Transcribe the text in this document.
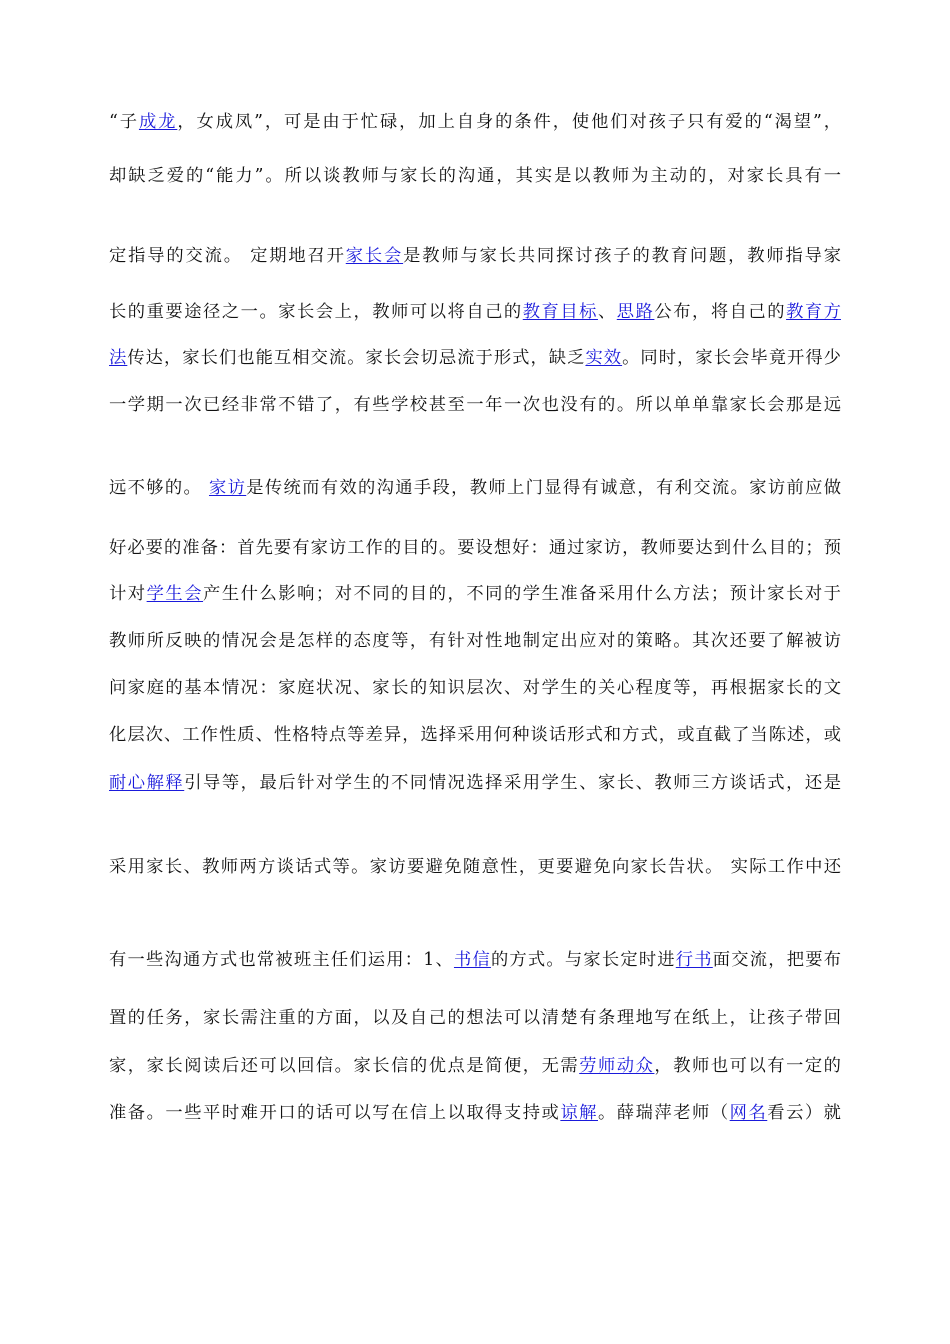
“子成龙，女成凤”，可是由于忙碌，加上自身的条件，使他们对孩子只有爱的“渴望”，
却缺乏爱的“能力”。所以谈教师与家长的沟通，其实是以教师为主动的，对家长具有一
定指导的交流。 定期地召开家长会是教师与家长共同探讨孩子的教育问题，教师指导家
长的重要途径之一。家长会上，教师可以将自己的教育目标、思路公布，将自己的教育方
法传达，家长们也能互相交流。家长会切忌流于形式，缺乏实效。同时，家长会毕竟开得少
一学期一次已经非常不错了，有些学校甚至一年一次也没有的。所以单单靠家长会那是远
远不够的。 家访是传统而有效的沟通手段，教师上门显得有诚意，有利交流。家访前应做
好必要的准备：首先要有家访工作的目的。要设想好：通过家访，教师要达到什么目的；预
计对学生会产生什么影响；对不同的目的，不同的学生准备采用什么方法；预计家长对于
教师所反映的情况会是怎样的态度等，有针对性地制定出应对的策略。其次还要了解被访
问家庭的基本情况：家庭状况、家长的知识层次、对学生的关心程度等，再根据家长的文
化层次、工作性质、性格特点等差异，选择采用何种谈话形式和方式，或直截了当陈述，或
耐心解释引导等，最后针对学生的不同情况选择采用学生、家长、教师三方谈话式，还是
采用家长、教师两方谈话式等。家访要避免随意性，更要避免向家长告状。 实际工作中还
有一些沟通方式也常被班主任们运用：1、书信的方式。与家长定时进行书面交流，把要布
置的任务，家长需注重的方面，以及自己的想法可以清楚有条理地写在纸上，让孩子带回
家，家长阅读后还可以回信。家长信的优点是简便，无需劳师动众，教师也可以有一定的
准备。一些平时难开口的话可以写在信上以取得支持或谅解。薛瑞萍老师（网名看云）就
